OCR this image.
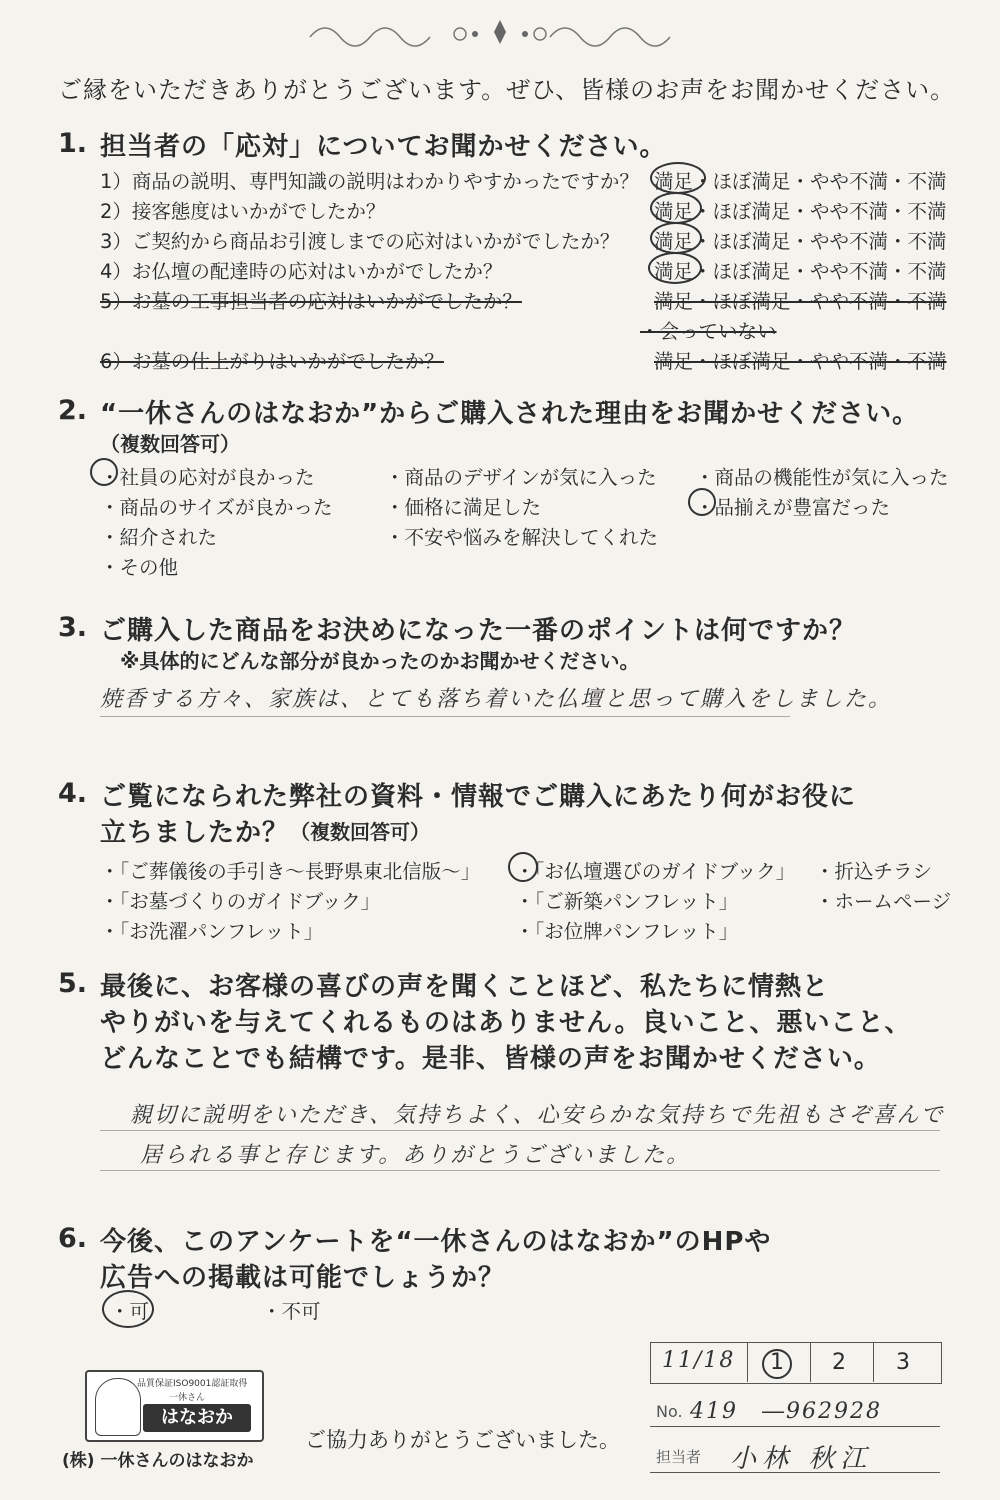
ご縁をいただきありがとうございます。ぜひ、皆様のお声をお聞かせください。
1. 担当者の「応対」についてお聞かせください。
1）商品の説明、専門知識の説明はわかりやすかったですか？ 満足・ほぼ満足・やや不満・不満
2）接客態度はいかがでしたか？	満足・ほぼ満足・やや不満・不満
3）ご契約から商品お引渡しまでの応対はいかがでしたか？ 満足・ほぼ満足・やや不満・不満
4）お仏壇の配達時の応対はいかがでしたか？	満足・ほぼ満足・やや不満・不満
5）お墓の工事担当者の応対はいかがでしたか？	満足・ほぼ満足・やや不満・不満
・会っていない
6）お墓の仕上がりはいかがでしたか？	満足・ほぼ満足・やや不満・不満
2. “一休さんのはなおか”からご購入された理由をお聞かせください。
（複数回答可）
・社員の応対が良かった	・商品のデザインが気に入った ・商品の機能性が気に入った
・商品のサイズが良かった	・価格に満足した	・品揃えが豊富だった
・紹介された	・不安や悩みを解決してくれた
・その他
3. ご購入した商品をお決めになった一番のポイントは何ですか？
※具体的にどんな部分が良かったのかお聞かせください。
焼香する方々、家族は、とても落ち着いた仏壇と思って購入をしました。
4. ご覧になられた弊社の資料・情報でご購入にあたり何がお役に
立ちましたか？ （複数回答可）
・「ご葬儀後の手引き～長野県東北信版～」 ・「お仏壇選びのガイドブック」 ・折込チラシ
・「お墓づくりのガイドブック」	・「ご新築パンフレット」	・ホームページ
・「お洗濯パンフレット」	・「お位牌パンフレット」
5. 最後に、お客様の喜びの声を聞くことほど、私たちに情熱と
やりがいを与えてくれるものはありません。良いこと、悪いこと、
どんなことでも結構です。是非、皆様の声をお聞かせください。
親切に説明をいただき、気持ちよく、心安らかな気持ちで先祖もさぞ喜んで
居られる事と存じます。ありがとうございました。
6. 今後、このアンケートを“一休さんのはなおか”のHPや
広告への掲載は可能でしょうか？
・可	・不可
品質保証ISO9001認証取得
一休さん
はなおか
(株) 一休さんのはなおか
ご協力ありがとうございました。
11/18 1 2 3
No. 419　―962928
担当者 小林 秋江
